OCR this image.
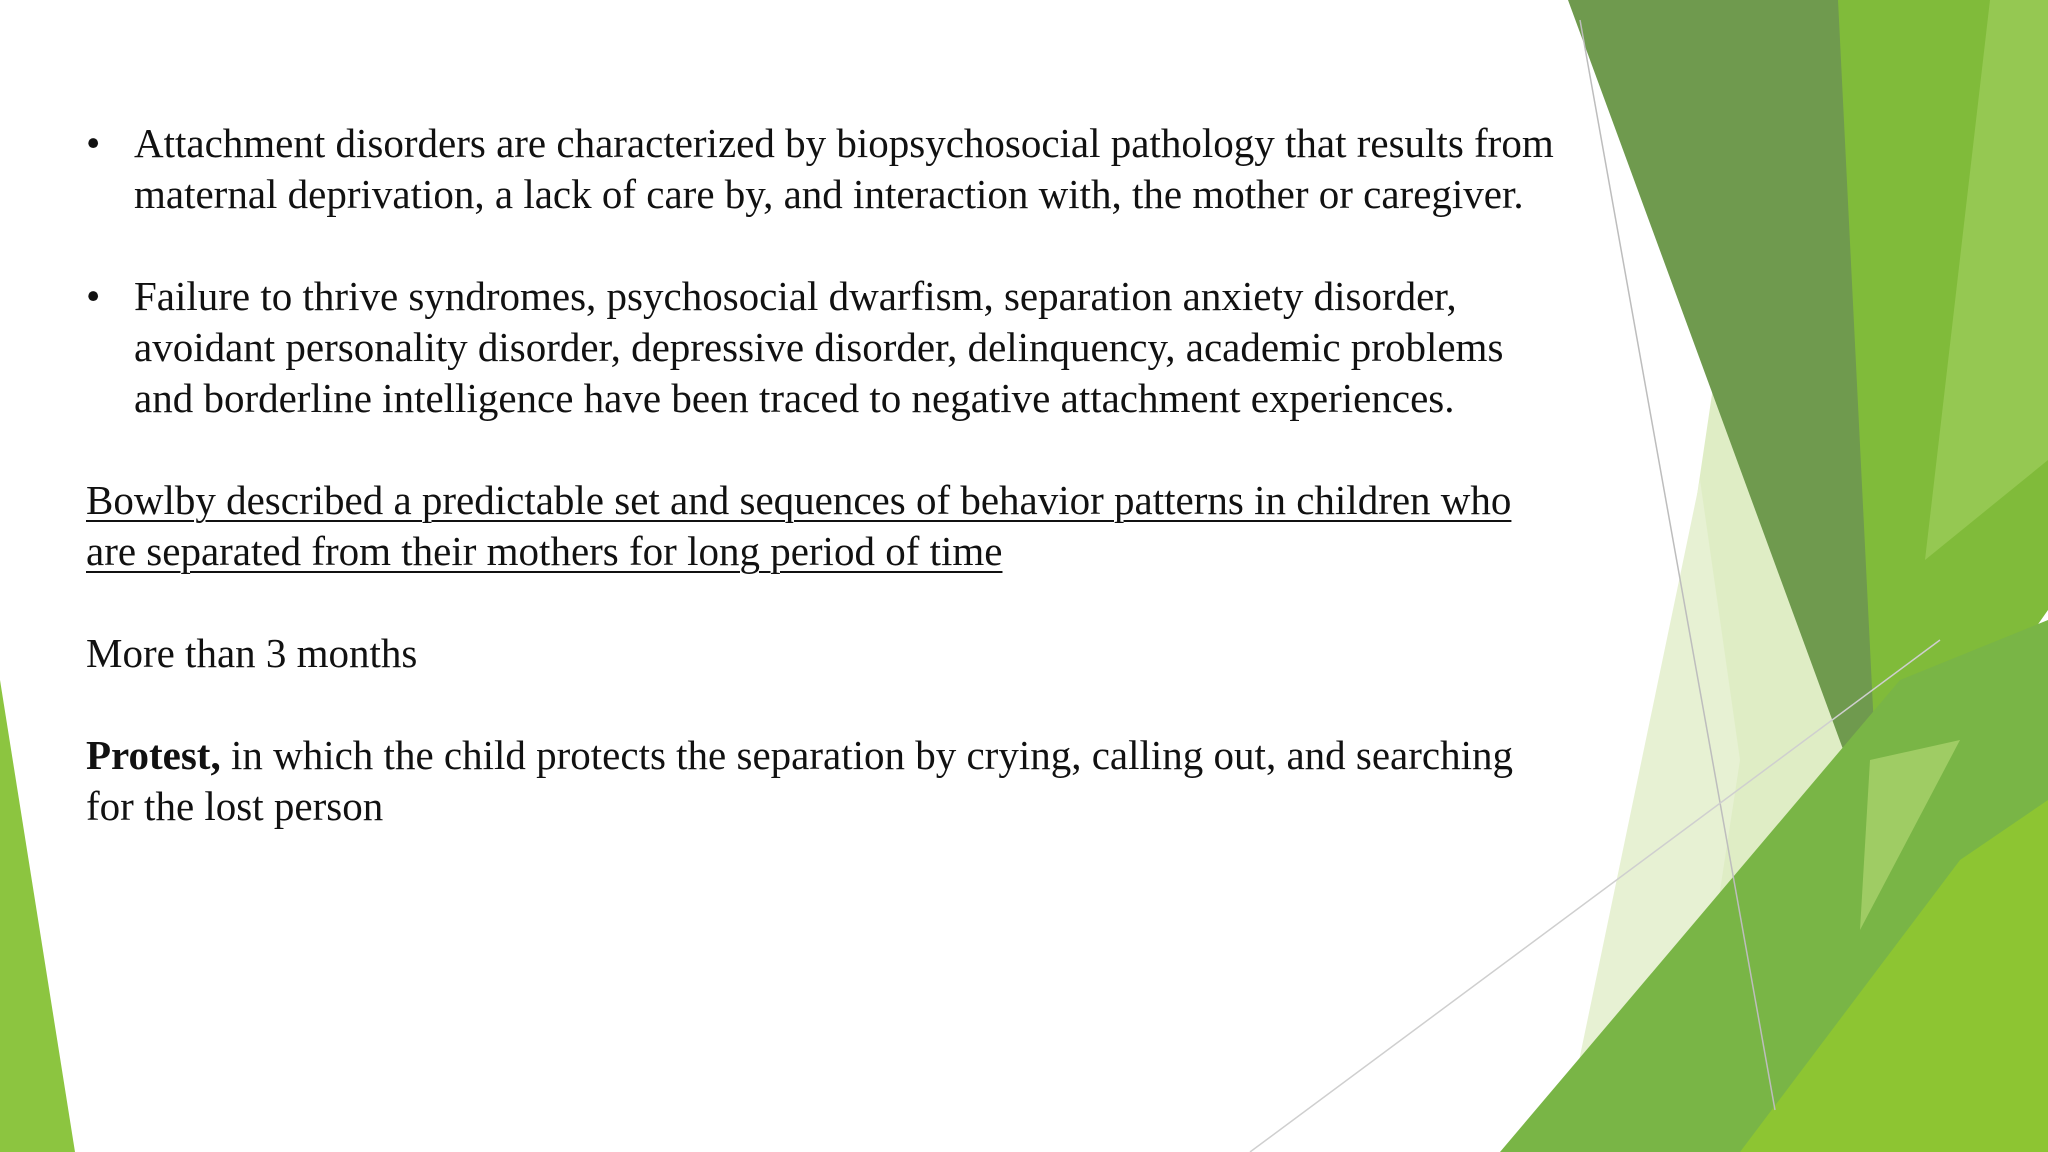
• Attachment disorders are characterized by biopsychosocial pathology that results from maternal deprivation, a lack of care by, and interaction with, the mother or caregiver.

• Failure to thrive syndromes, psychosocial dwarfism, separation anxiety disorder, avoidant personality disorder, depressive disorder, delinquency, academic problems and borderline intelligence have been traced to negative attachment experiences.

Bowlby described a predictable set and sequences of behavior patterns in children who are separated from their mothers for long period of time

More than 3 months

Protest, in which the child protects the separation by crying, calling out, and searching for the lost person
